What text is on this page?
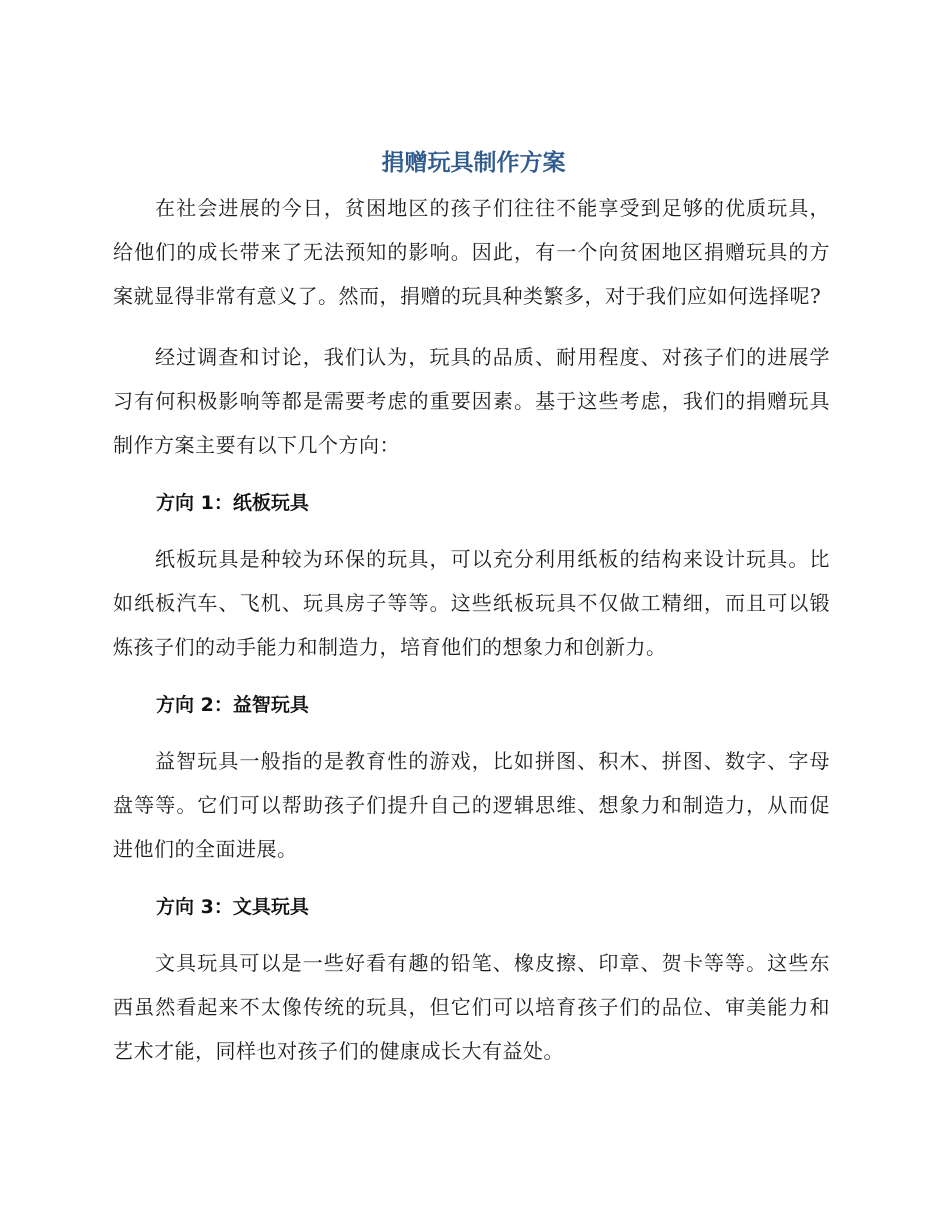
捐赠玩具制作方案

在社会进展的今日，贫困地区的孩子们往往不能享受到足够的优质玩具，给他们的成长带来了无法预知的影响。因此，有一个向贫困地区捐赠玩具的方案就显得非常有意义了。然而，捐赠的玩具种类繁多，对于我们应如何选择呢?

经过调查和讨论，我们认为，玩具的品质、耐用程度、对孩子们的进展学习有何积极影响等都是需要考虑的重要因素。基于这些考虑，我们的捐赠玩具制作方案主要有以下几个方向：

方向 1：纸板玩具

纸板玩具是种较为环保的玩具，可以充分利用纸板的结构来设计玩具。比如纸板汽车、飞机、玩具房子等等。这些纸板玩具不仅做工精细，而且可以锻炼孩子们的动手能力和制造力，培育他们的想象力和创新力。

方向 2：益智玩具

益智玩具一般指的是教育性的游戏，比如拼图、积木、拼图、数字、字母盘等等。它们可以帮助孩子们提升自己的逻辑思维、想象力和制造力，从而促进他们的全面进展。

方向 3：文具玩具

文具玩具可以是一些好看有趣的铅笔、橡皮擦、印章、贺卡等等。这些东西虽然看起来不太像传统的玩具，但它们可以培育孩子们的品位、审美能力和艺术才能，同样也对孩子们的健康成长大有益处。
